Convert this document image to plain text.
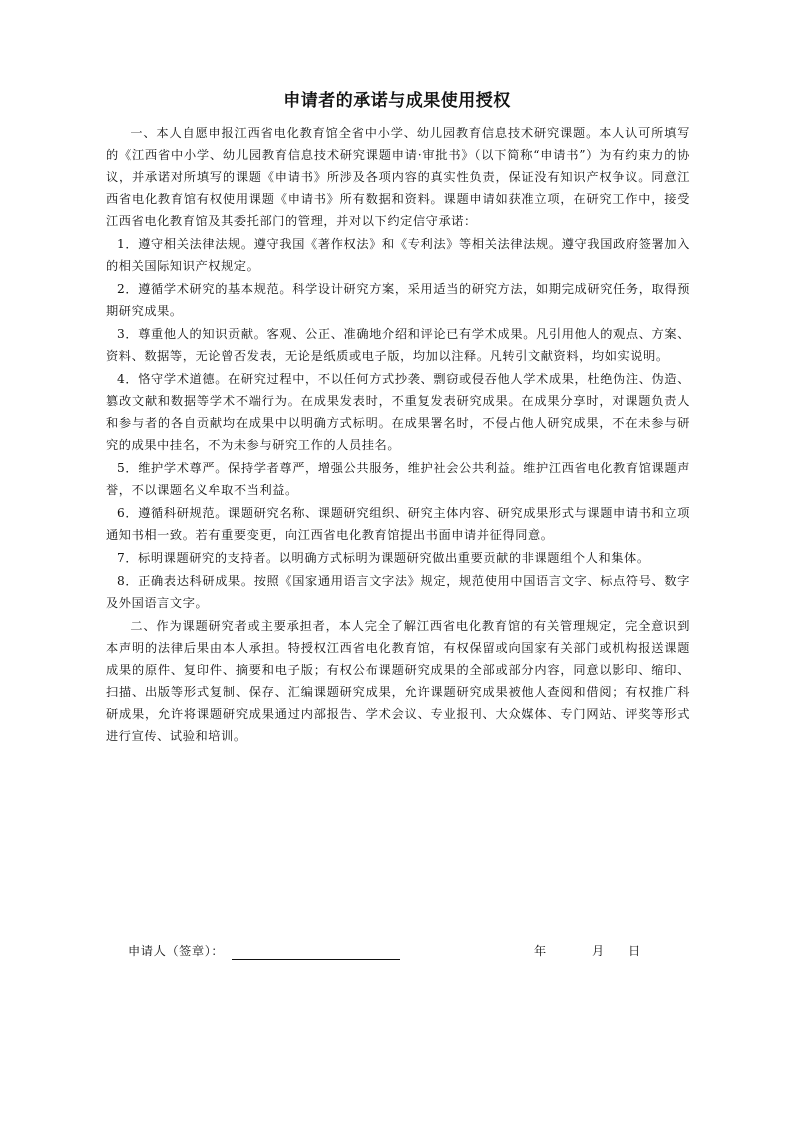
申请者的承诺与成果使用授权

一、本人自愿申报江西省电化教育馆全省中小学、幼儿园教育信息技术研究课题。本人认可所填写的《江西省中小学、幼儿园教育信息技术研究课题申请·审批书》（以下简称“申请书”）为有约束力的协议，并承诺对所填写的课题《申请书》所涉及各项内容的真实性负责，保证没有知识产权争议。同意江西省电化教育馆有权使用课题《申请书》所有数据和资料。课题申请如获准立项，在研究工作中，接受江西省电化教育馆及其委托部门的管理，并对以下约定信守承诺：

1．遵守相关法律法规。遵守我国《著作权法》和《专利法》等相关法律法规。遵守我国政府签署加入的相关国际知识产权规定。

2．遵循学术研究的基本规范。科学设计研究方案，采用适当的研究方法，如期完成研究任务，取得预期研究成果。

3．尊重他人的知识贡献。客观、公正、准确地介绍和评论已有学术成果。凡引用他人的观点、方案、资料、数据等，无论曾否发表，无论是纸质或电子版，均加以注释。凡转引文献资料，均如实说明。

4．恪守学术道德。在研究过程中，不以任何方式抄袭、剽窃或侵吞他人学术成果，杜绝伪注、伪造、篡改文献和数据等学术不端行为。在成果发表时，不重复发表研究成果。在成果分享时，对课题负责人和参与者的各自贡献均在成果中以明确方式标明。在成果署名时，不侵占他人研究成果，不在未参与研究的成果中挂名，不为未参与研究工作的人员挂名。

5．维护学术尊严。保持学者尊严，增强公共服务，维护社会公共利益。维护江西省电化教育馆课题声誉，不以课题名义牟取不当利益。

6．遵循科研规范。课题研究名称、课题研究组织、研究主体内容、研究成果形式与课题申请书和立项通知书相一致。若有重要变更，向江西省电化教育馆提出书面申请并征得同意。

7．标明课题研究的支持者。以明确方式标明为课题研究做出重要贡献的非课题组个人和集体。

8．正确表达科研成果。按照《国家通用语言文字法》规定，规范使用中国语言文字、标点符号、数字及外国语言文字。

二、作为课题研究者或主要承担者，本人完全了解江西省电化教育馆的有关管理规定，完全意识到本声明的法律后果由本人承担。特授权江西省电化教育馆，有权保留或向国家有关部门或机构报送课题成果的原件、复印件、摘要和电子版；有权公布课题研究成果的全部或部分内容，同意以影印、缩印、扫描、出版等形式复制、保存、汇编课题研究成果，允许课题研究成果被他人查阅和借阅；有权推广科研成果，允许将课题研究成果通过内部报告、学术会议、专业报刊、大众媒体、专门网站、评奖等形式进行宣传、试验和培训。

申请人（签章）：	年	月 日
